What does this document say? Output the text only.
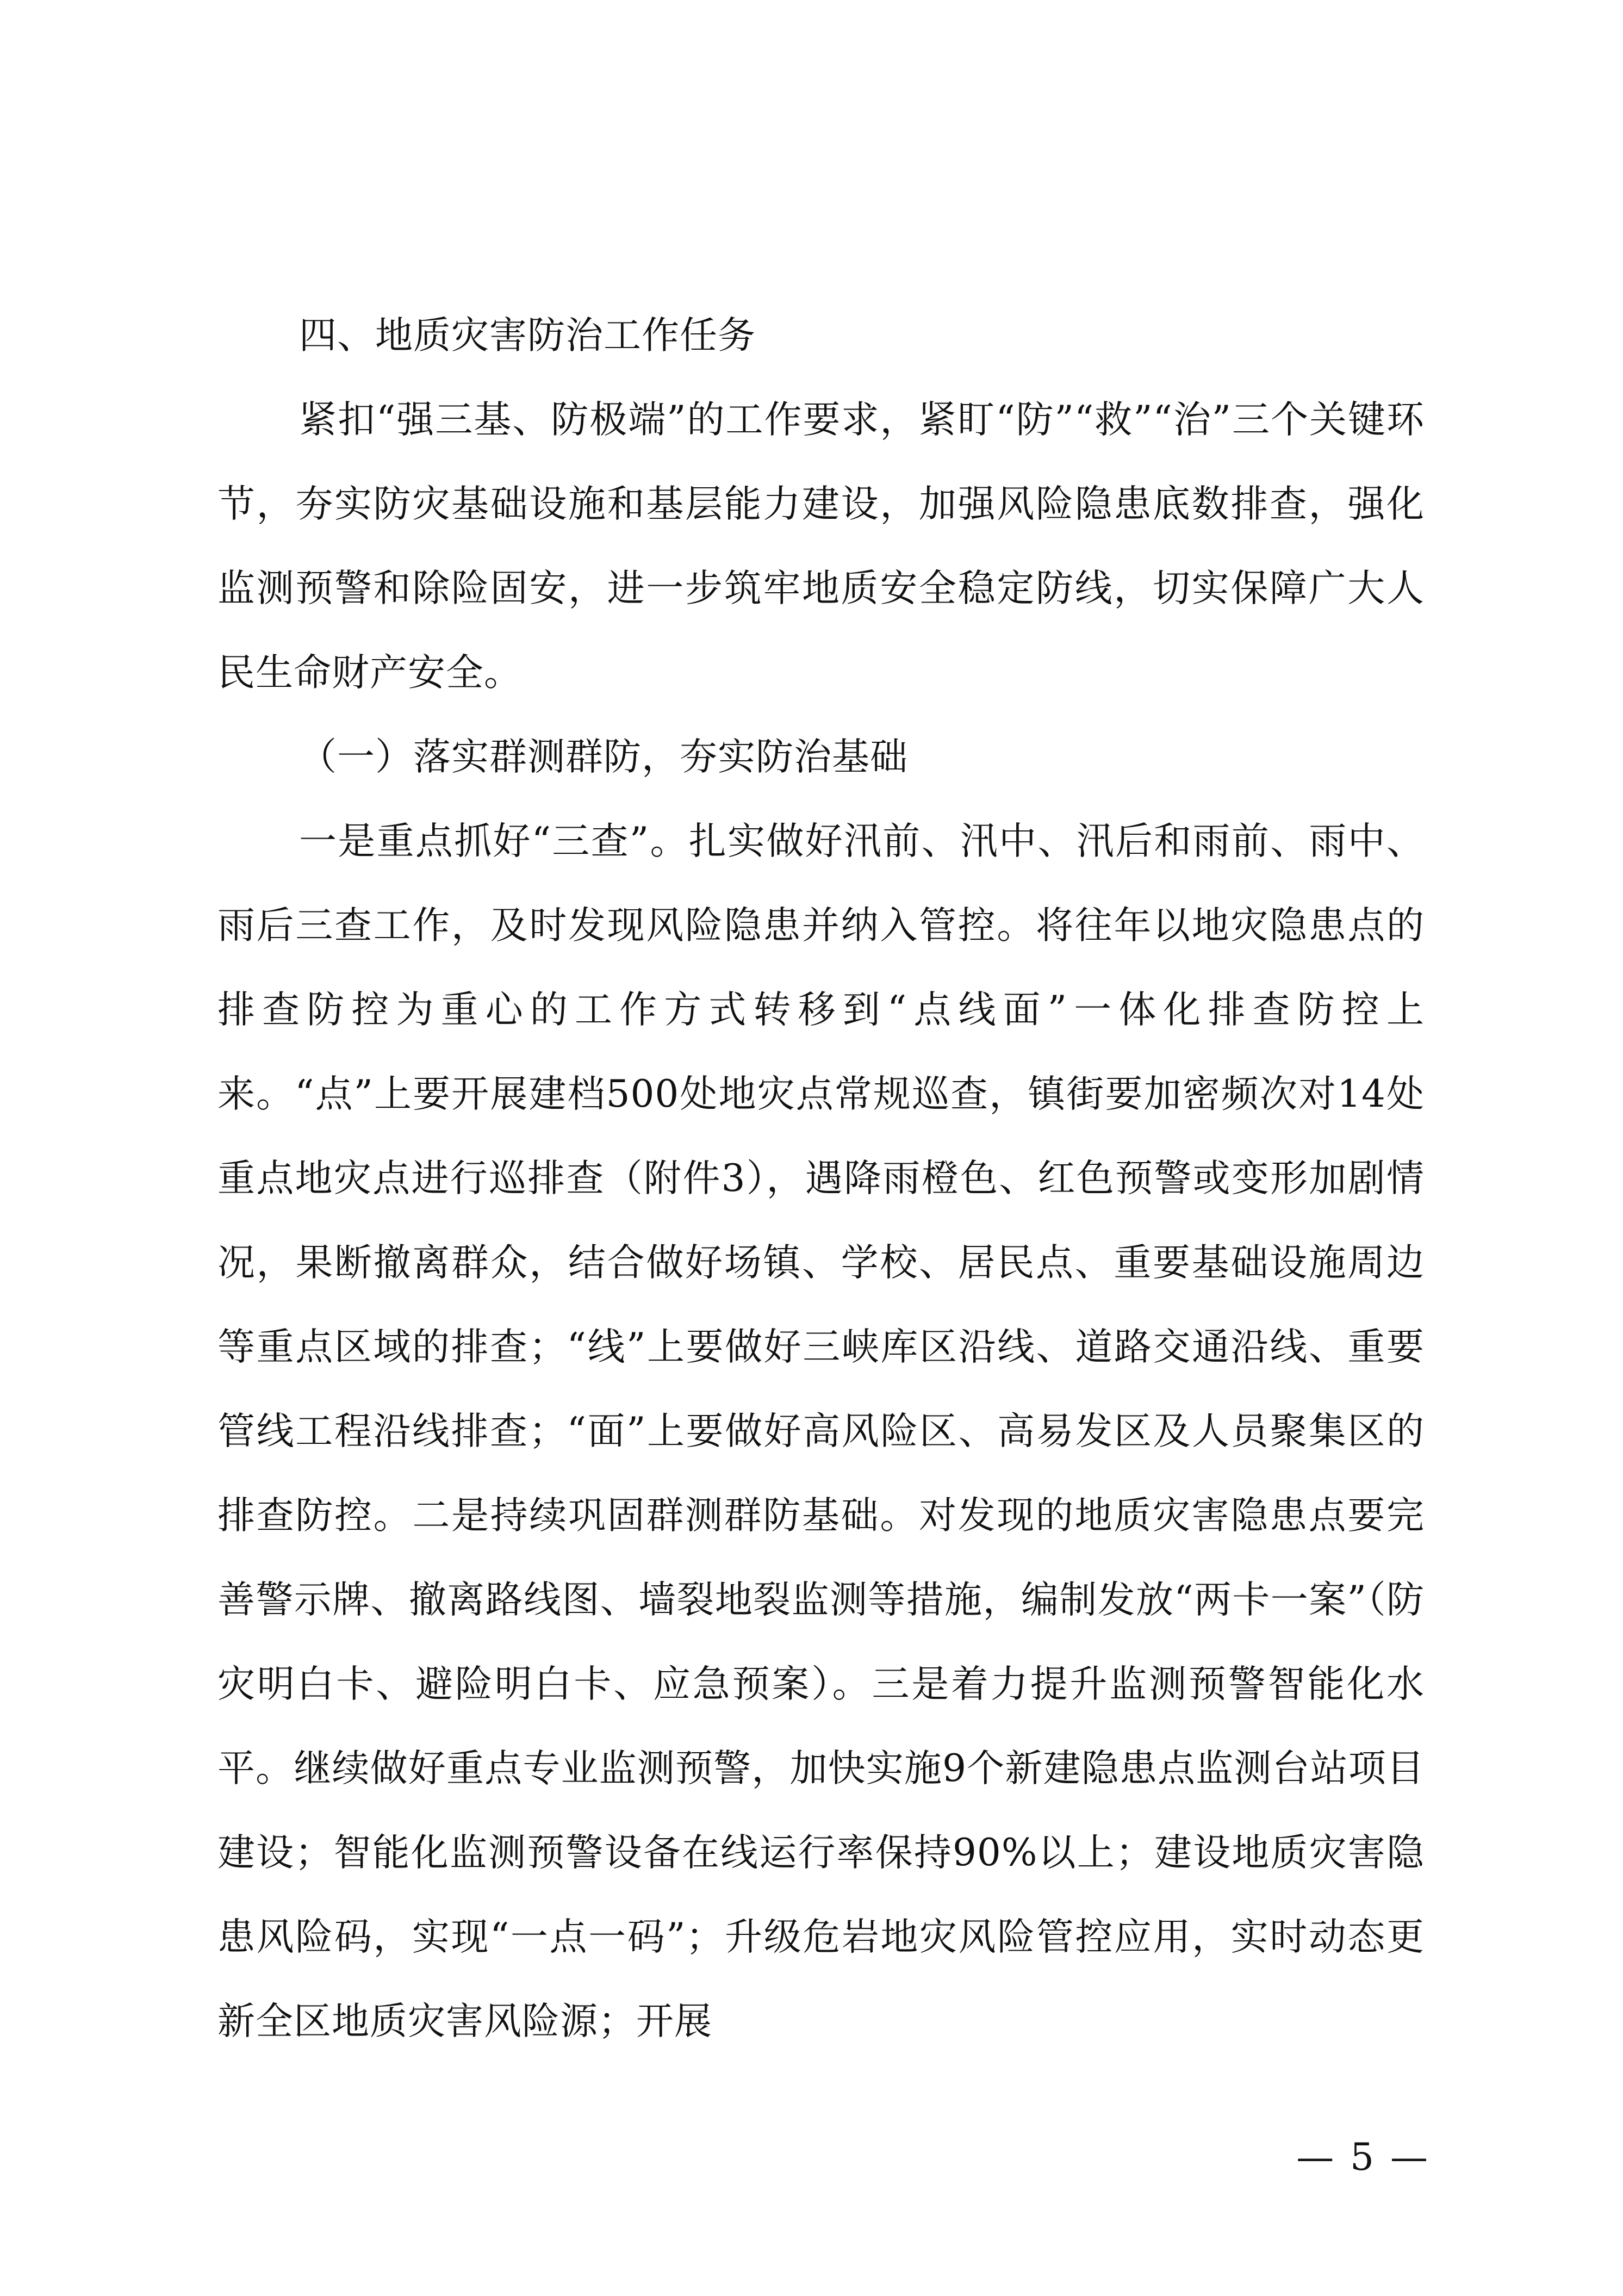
四、地质灾害防治工作任务

紧扣“强三基、防极端”的工作要求，紧盯“防”“救”“治”三个关键环节，夯实防灾基础设施和基层能力建设，加强风险隐患底数排查，强化监测预警和除险固安，进一步筑牢地质安全稳定防线，切实保障广大人民生命财产安全。

（一）落实群测群防，夯实防治基础

一是重点抓好“三查”。扎实做好汛前、汛中、汛后和雨前、雨中、雨后三查工作，及时发现风险隐患并纳入管控。将往年以地灾隐患点的排查防控为重心的工作方式转移到“点线面”一体化排查防控上来。“点”上要开展建档500处地灾点常规巡查，镇街要加密频次对14处重点地灾点进行巡排查（附件3），遇降雨橙色、红色预警或变形加剧情况，果断撤离群众，结合做好场镇、学校、居民点、重要基础设施周边等重点区域的排查；“线”上要做好三峡库区沿线、道路交通沿线、重要管线工程沿线排查；“面”上要做好高风险区、高易发区及人员聚集区的排查防控。二是持续巩固群测群防基础。对发现的地质灾害隐患点要完善警示牌、撤离路线图、墙裂地裂监测等措施，编制发放“两卡一案”（防灾明白卡、避险明白卡、应急预案）。三是着力提升监测预警智能化水平。继续做好重点专业监测预警，加快实施9个新建隐患点监测台站项目建设；智能化监测预警设备在线运行率保持90%以上；建设地质灾害隐患风险码，实现“一点一码”；升级危岩地灾风险管控应用，实时动态更新全区地质灾害风险源；开展

— 5 —
